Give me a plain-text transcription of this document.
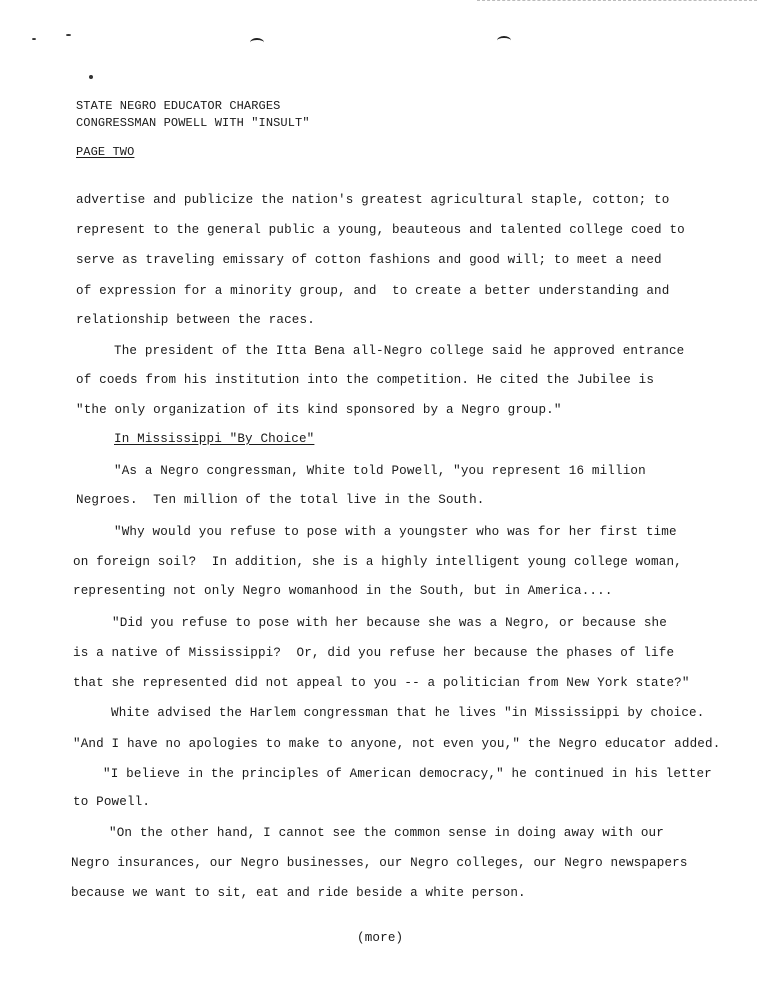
STATE NEGRO EDUCATOR CHARGES
CONGRESSMAN POWELL WITH "INSULT"
PAGE TWO
advertise and publicize the nation's greatest agricultural staple, cotton; to
represent to the general public a young, beauteous and talented college coed to
serve as traveling emissary of cotton fashions and good will; to meet a need
of expression for a minority group, and  to create a better understanding and
relationship between the races.
The president of the Itta Bena all-Negro college said he approved entrance
of coeds from his institution into the competition. He cited the Jubilee is
"the only organization of its kind sponsored by a Negro group."
In Mississippi "By Choice"
"As a Negro congressman, White told Powell, "you represent 16 million
Negroes.  Ten million of the total live in the South.
"Why would you refuse to pose with a youngster who was for her first time
on foreign soil?  In addition, she is a highly intelligent young college woman,
representing not only Negro womanhood in the South, but in America....
"Did you refuse to pose with her because she was a Negro, or because she
is a native of Mississippi?  Or, did you refuse her because the phases of life
that she represented did not appeal to you -- a politician from New York state?"
White advised the Harlem congressman that he lives "in Mississippi by choice.
"And I have no apologies to make to anyone, not even you," the Negro educator added.
"I believe in the principles of American democracy," he continued in his letter
to Powell.
"On the other hand, I cannot see the common sense in doing away with our
Negro insurances, our Negro businesses, our Negro colleges, our Negro newspapers
because we want to sit, eat and ride beside a white person.
(more)
